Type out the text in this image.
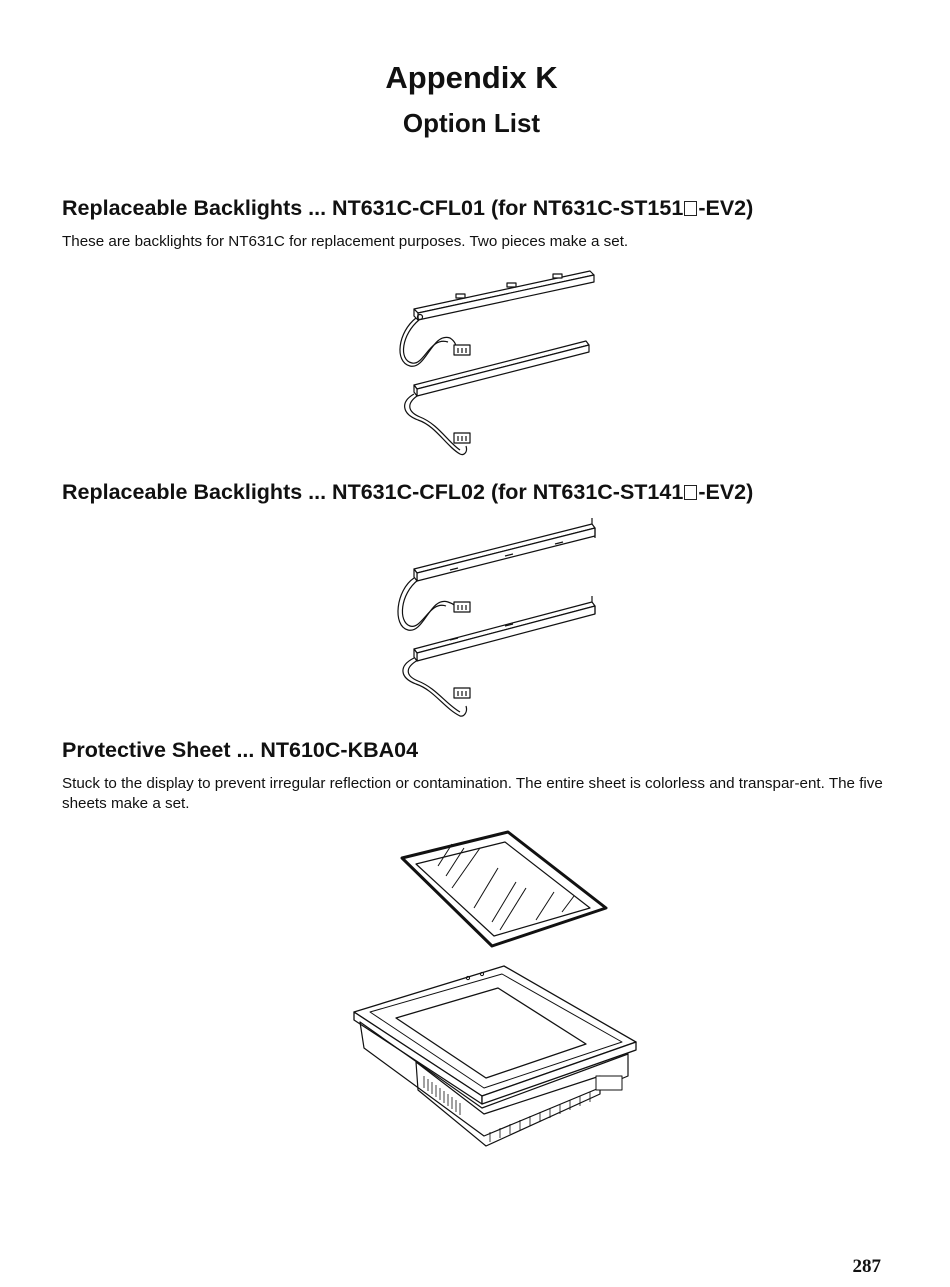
Appendix K
Option List
Replaceable Backlights ... NT631C-CFL01 (for NT631C-ST151 -EV2)

These are backlights for NT631C for replacement purposes. Two pieces make a set.

Replaceable Backlights ... NT631C-CFL02 (for NT631C-ST141 -EV2)
Protective Sheet ... NT610C-KBA04

Stuck to the display to prevent irregular reflection or contamination. The entire sheet is colorless and transpar-ent. The five sheets make a set.

287
